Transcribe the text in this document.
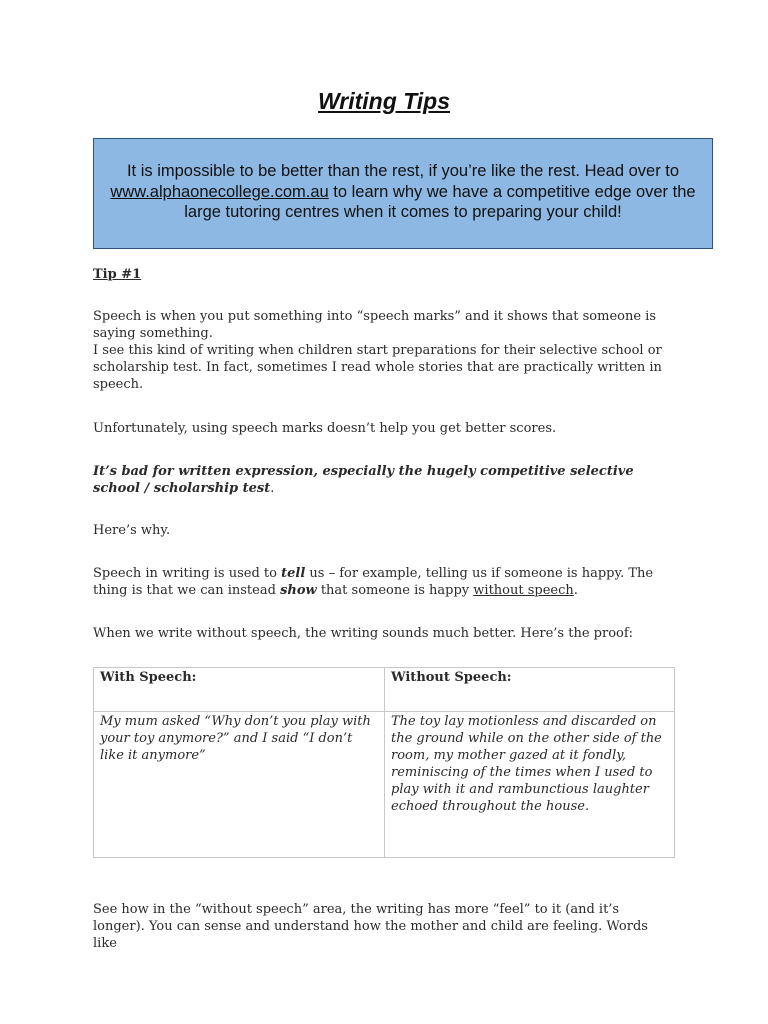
Writing Tips
It is impossible to be better than the rest, if you’re like the rest. Head over to www.alphaonecollege.com.au to learn why we have a competitive edge over the large tutoring centres when it comes to preparing your child!
Tip #1
Speech is when you put something into “speech marks” and it shows that someone is saying something.
I see this kind of writing when children start preparations for their selective school or scholarship test. In fact, sometimes I read whole stories that are practically written in speech.
Unfortunately, using speech marks doesn’t help you get better scores.
It’s bad for written expression, especially the hugely competitive selective school / scholarship test.
Here’s why.
Speech in writing is used to tell us – for example, telling us if someone is happy. The thing is that we can instead show that someone is happy without speech.
When we write without speech, the writing sounds much better. Here’s the proof:
With Speech:	Without Speech:
My mum asked “Why don’t you play with your toy anymore?” and I said “I don’t like it anymore”	The toy lay motionless and discarded on the ground while on the other side of the room, my mother gazed at it fondly, reminiscing of the times when I used to play with it and rambunctious laughter echoed throughout the house.
See how in the “without speech” area, the writing has more “feel” to it (and it’s longer). You can sense and understand how the mother and child are feeling. Words like
